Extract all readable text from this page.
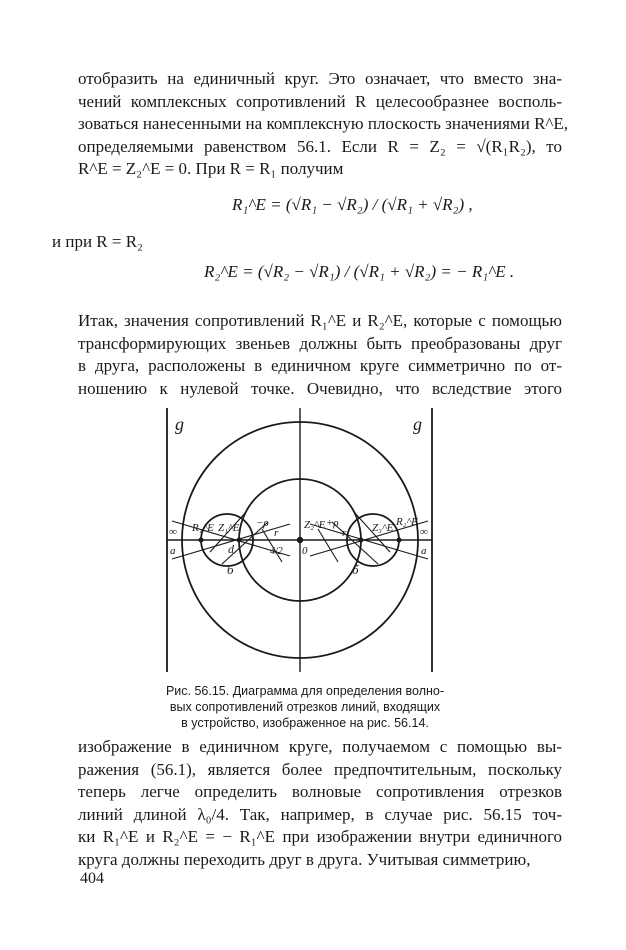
отобразить на единичный круг. Это означает, что вместо зна-
чений комплексных сопротивлений R целесообразнее восполь-
зоваться нанесенными на комплексную плоскость значениями R^E,
определяемыми равенством 56.1. Если R = Z₂ = √(R₁R₂), то
R^E = Z₂^E = 0. При R = R₁ получим

R₁^E = (√R₁ − √R₂) / (√R₁ + √R₂) ,
и при R = R₂
R₂^E = (√R₂ − √R₁) / (√R₁ + √R₂) = − R₁^E .

Итак, значения сопротивлений R₁^E и R₂^E, которые с помощью
трансформирующих звеньев должны быть преобразованы друг
в друга, расположены в единичном круге симметрично по от-
ношению к нулевой точке. Очевидно, что вследствие этого

g	g
∞
a
R₁^E Z₁^E
d
−ρ
r
4/2
б
Z₂^E +ρ
r
0
Z₃^E R₂^E
∞
a
б
Рис. 56.15. Диаграмма для определения волно-
вых сопротивлений отрезков линий, входящих
в устройство, изображенное на рис. 56.14.

изображение в единичном круге, получаемом с помощью вы-
ражения (56.1), является более предпочтительным, поскольку
теперь легче определить волновые сопротивления отрезков
линий длиной λ₀/4. Так, например, в случае рис. 56.15 точ-
ки R₁^E и R₂^E = − R₁^E при изображении внутри единичного
круга должны переходить друг в друга. Учитывая симметрию,

404
